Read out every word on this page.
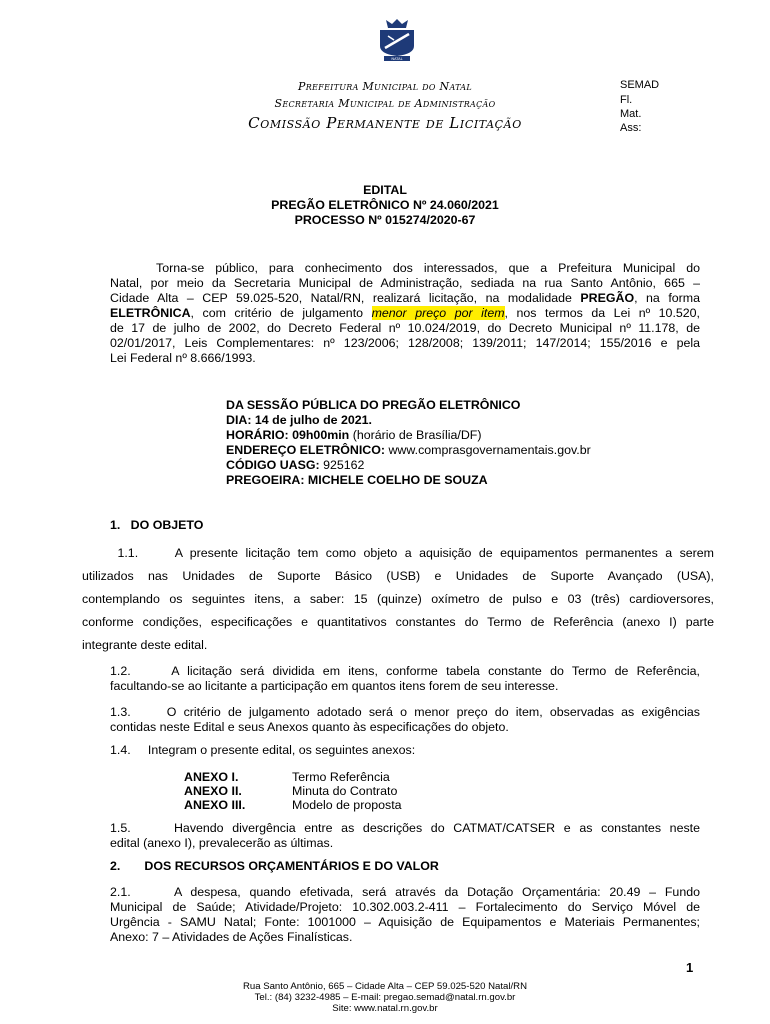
NATAL
Prefeitura Municipal do Natal
Secretaria Municipal de Administração
Comissão Permanente de Licitação
SEMAD
Fl.
Mat.
Ass:
EDITAL
PREGÃO ELETRÔNICO Nº 24.060/2021
PROCESSO Nº 015274/2020-67
Torna-se público, para conhecimento dos interessados, que a Prefeitura Municipal do
Natal, por meio da Secretaria Municipal de Administração, sediada na rua Santo Antônio, 665 –
Cidade Alta – CEP 59.025-520, Natal/RN, realizará licitação, na modalidade PREGÃO, na forma
ELETRÔNICA, com critério de julgamento menor preço por item, nos termos da Lei nº 10.520,
de 17 de julho de 2002, do Decreto Federal nº 10.024/2019, do Decreto Municipal nº 11.178, de
02/01/2017, Leis Complementares: nº 123/2006; 128/2008; 139/2011; 147/2014; 155/2016 e pela
Lei Federal nº 8.666/1993.
DA SESSÃO PÚBLICA DO PREGÃO ELETRÔNICO
DIA: 14 de julho de 2021.
HORÁRIO: 09h00min (horário de Brasília/DF)
ENDEREÇO ELETRÔNICO: www.comprasgovernamentais.gov.br
CÓDIGO UASG: 925162
PREGOEIRA: MICHELE COELHO DE SOUZA
1.   DO OBJETO
1.1.     A presente licitação tem como objeto a aquisição de equipamentos permanentes a serem
utilizados nas Unidades de Suporte Básico (USB) e Unidades de Suporte Avançado (USA),
contemplando os seguintes itens, a saber: 15 (quinze) oxímetro de pulso e 03 (três) cardioversores,
conforme condições, especificações e quantitativos constantes do Termo de Referência (anexo I) parte
integrante deste edital.
1.2.     A licitação será dividida em itens, conforme tabela constante do Termo de Referência,
facultando-se ao licitante a participação em quantos itens forem de seu interesse.
1.3.     O critério de julgamento adotado será o menor preço do item, observadas as exigências
contidas neste Edital e seus Anexos quanto às especificações do objeto.
1.4.     Integram o presente edital, os seguintes anexos:
ANEXO I.	Termo Referência
ANEXO II.	Minuta do Contrato
ANEXO III.	Modelo de proposta
1.5.     Havendo divergência entre as descrições do CATMAT/CATSER e as constantes neste
edital (anexo I), prevalecerão as últimas.
2.       DOS RECURSOS ORÇAMENTÁRIOS E DO VALOR
2.1.     A despesa, quando efetivada, será através da Dotação Orçamentária: 20.49 – Fundo
Municipal de Saúde; Atividade/Projeto: 10.302.003.2-411 – Fortalecimento do Serviço Móvel de
Urgência - SAMU Natal; Fonte: 1001000 – Aquisição de Equipamentos e Materiais Permanentes;
Anexo: 7 – Atividades de Ações Finalísticas.
1
Rua Santo Antônio, 665 – Cidade Alta – CEP 59.025-520 Natal/RN
Tel.: (84) 3232-4985 – E-mail: pregao.semad@natal.rn.gov.br
Site: www.natal.rn.gov.br
